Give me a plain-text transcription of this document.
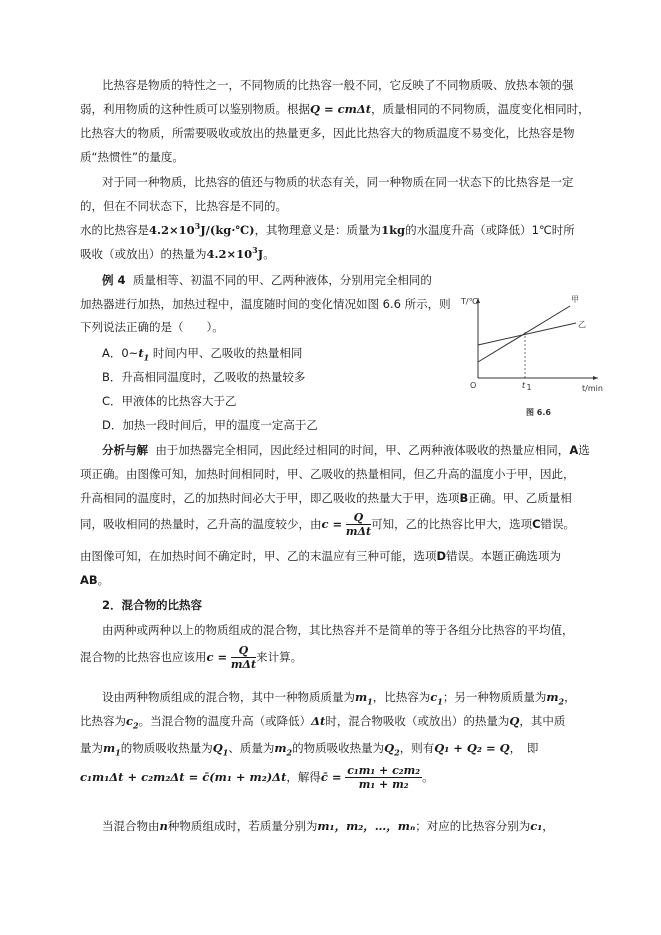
比热容是物质的特性之一，不同物质的比热容一般不同，它反映了不同物质吸、放热本领的强
弱，利用物质的这种性质可以鉴别物质。根据Q = cmΔt，质量相同的不同物质，温度变化相同时，
比热容大的物质，所需要吸收或放出的热量更多，因此比热容大的物质温度不易变化，比热容是物
质“热惯性”的量度。
对于同一种物质，比热容的值还与物质的状态有关，同一种物质在同一状态下的比热容是一定
的，但在不同状态下，比热容是不同的。
水的比热容是$4.2\times 10^3J/(kg\cdot℃)$，其物理意义是：质量为1kg的水温度升高（或降低）1℃时所
吸收（或放出）的热量为$4.2\times 10^3J$。
例 4 质量相等、初温不同的甲、乙两种液体，分别用完全相同的
加热器进行加热，加热过程中，温度随时间的变化情况如图 6.6 所示，则
下列说法正确的是（　　）。
A．$0\sim t_1$ 时间内甲、乙吸收的热量相同
B．升高相同温度时，乙吸收的热量较多
C．甲液体的比热容大于乙
D．加热一段时间后，甲的温度一定高于乙
T/℃
t/min
O	t 1
甲
乙
图 6.6
分析与解 由于加热器完全相同，因此经过相同的时间，甲、乙两种液体吸收的热量应相同，A选
项正确。由图像可知，加热时间相同时，甲、乙吸收的热量相同，但乙升高的温度小于甲，因此，
升高相同的温度时，乙的加热时间必大于甲，即乙吸收的热量大于甲，选项B正确。甲、乙质量相
同，吸收相同的热量时，乙升高的温度较少，由$c = \frac{Q}{\text{mΔt}}$ 可知，乙的比热容比甲大，选项C错误。
由图像可知，在加热时间不确定时，甲、乙的末温应有三种可能，选项D错误。本题正确选项为
AB。
2．混合物的比热容
由两种或两种以上的物质组成的混合物，其比热容并不是简单的等于各组分比热容的平均值，
混合物的比热容也应该用$c = \frac{Q}{\text{mΔt}}$ 来计算。
设由两种物质组成的混合物，其中一种物质质量为$m_1$，比热容为$c_1$；另一种物质质量为$m_2$，
比热容为$c_2$。当混合物的温度升高（或降低）Δt时，混合物吸收（或放出）的热量为Q，其中质
量为$m_1$的物质吸收热量为$Q_1$、质量为$m_2$的物质吸收热量为$Q_2$，则有Q₁ + Q₂ = Q，　即
c₁m₁Δt + c₂m₂Δt = c̄(m₁ + m₂)Δt，解得c̄ = $\frac{\text{c₁m₁ + c₂m₂}}{\text{m₁ + m₂}}$ 。
当混合物由n种物质组成时，若质量分别为m₁，m₂，…，mₙ；对应的比热容分别为c₁，
